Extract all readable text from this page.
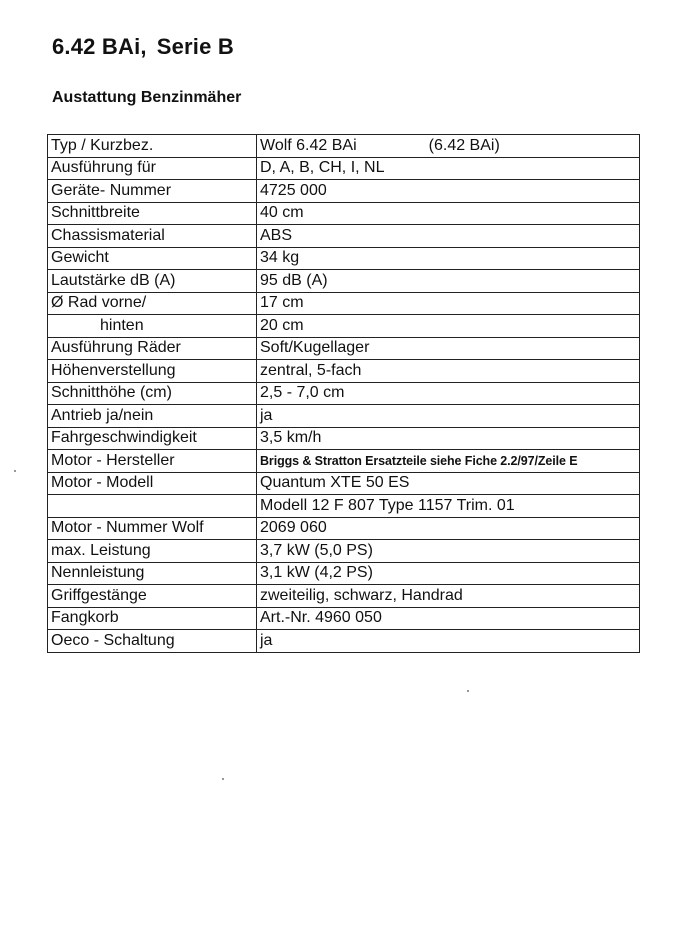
6.42 BAi, Serie B
Austattung Benzinmäher
Typ / Kurzbez.	Wolf 6.42 BAi (6.42 BAi)
Ausführung für	D, A, B, CH, I, NL
Geräte- Nummer	4725 000
Schnittbreite	40 cm
Chassismaterial	ABS
Gewicht	34 kg
Lautstärke dB (A)	95 dB (A)
Ø Rad vorne/	17 cm
hinten	20 cm
Ausführung Räder	Soft/Kugellager
Höhenverstellung	zentral, 5-fach
Schnitthöhe (cm)	2,5 - 7,0 cm
Antrieb ja/nein	ja
Fahrgeschwindigkeit	3,5 km/h
Motor - Hersteller	Briggs & Stratton Ersatzteile siehe Fiche 2.2/97/Zeile E
Motor - Modell	Quantum XTE 50 ES
	Modell 12 F 807 Type 1157 Trim. 01
Motor - Nummer Wolf	2069 060
max. Leistung	3,7 kW (5,0 PS)
Nennleistung	3,1 kW (4,2 PS)
Griffgestänge	zweiteilig, schwarz, Handrad
Fangkorb	Art.-Nr. 4960 050
Oeco - Schaltung	ja
